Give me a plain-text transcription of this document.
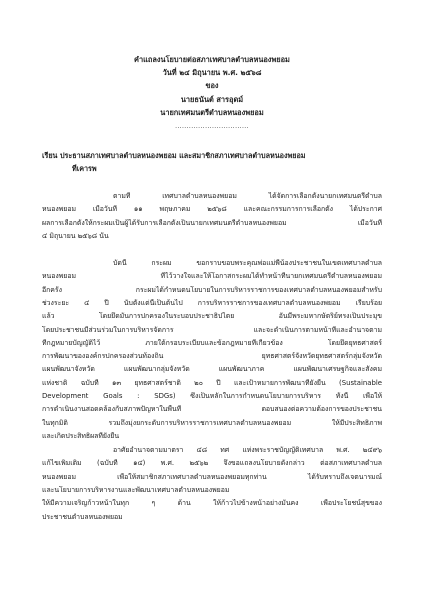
คำแถลงนโยบายต่อสภาเทศบาลตำบลหนองพยอม
วันที่ ๒๔ มิถุนายน พ.ศ. ๒๕๖๘
ของ
นายธนันต์ สารอุดม์
นายกเทศมนตรีตำบลหนองพยอม
................................
เรียน ประธานสภาเทศบาลตำบลหนองพยอม และสมาชิกสภาเทศบาลตำบลหนองพยอม
ที่เคารพ
ตามที่ เทศบาลตำบลหนองพยอม ได้จัดการเลือกตั้งนายกเทศมนตรีตำบล
หนองพยอม เมื่อวันที่ ๑๑ พฤษภาคม ๒๕๖๘ และคณะกรรมการการเลือกตั้ง ได้ประกาศ
ผลการเลือกตั้งให้กระผมเป็นผู้ได้รับการเลือกตั้งเป็นนายกเทศมนตรีตำบลหนองพยอม เมื่อวันที่
๔ มิถุนายน ๒๕๖๘ นั้น
บัดนี้ กระผม ขอกราบขอบพระคุณพ่อแม่พี่น้องประชาชนในเขตเทศบาลตำบล
หนองพยอม ที่ไว้วางใจและให้โอกาสกระผมได้ทำหน้าที่นายกเทศมนตรีตำบลหนองพยอม
อีกครั้ง กระผมได้กำหนดนโยบายในการบริหารราชการของเทศบาลตำบลหนองพยอมสำหรับ
ช่วงระยะ ๔ ปี นับตั้งแต่นี้เป็นต้นไป การบริหารราชการของเทศบาลตำบลหนองพยอม เรียบร้อย
แล้ว โดยยึดมั่นการปกครองในระบอบประชาธิปไตย อันมีพระมหากษัตริย์ทรงเป็นประมุข
โดยประชาชนมีส่วนร่วมในการบริหารจัดการ และจะดำเนินการตามหน้าที่และอำนาจตาม
ที่กฎหมายบัญญัติไว้ ภายใต้กรอบระเบียบและข้อกฎหมายที่เกี่ยวข้อง โดยยึดยุทธศาสตร์
การพัฒนาขององค์กรปกครองส่วนท้องถิ่น ยุทธศาสตร์จังหวัดยุทธศาสตร์กลุ่มจังหวัด
แผนพัฒนาจังหวัด แผนพัฒนากลุ่มจังหวัด แผนพัฒนาภาค แผนพัฒนาเศรษฐกิจและสังคม
แห่งชาติ ฉบับที่ ๑๓ ยุทธศาสตร์ชาติ ๒๐ ปี และเป้าหมายการพัฒนาที่ยั่งยืน (Sustainable
Development Goals : SDGs) ซึ่งเป็นหลักในการกำหนดนโยบายการบริหาร ทั้งนี้ เพื่อให้
การดำเนินงานสอดคล้องกับสภาพปัญหาในพื้นที่ ตอบสนองต่อความต้องการของประชาชน
ในทุกมิติ รวมถึงมุ่งยกระดับการบริหารราชการเทศบาลตำบลหนองพยอม ให้มีประสิทธิภาพ
และเกิดประสิทธิผลที่ยั่งยืน
อาศัยอำนาจตามมาตรา ๔๘ ทศ แห่งพระราชบัญญัติเทศบาล พ.ศ. ๒๔๙๖
แก้ไขเพิ่มเติม (ฉบับที่ ๑๔) พ.ศ. ๒๕๖๒ จึงขอแถลงนโยบายดังกล่าว ต่อสภาเทศบาลตำบล
หนองพยอม เพื่อให้สมาชิกสภาเทศบาลตำบลหนองพยอมทุกท่าน ได้รับทราบถึงเจตนารมณ์
และนโยบายการบริหารงานและพัฒนาเทศบาลตำบลหนองพยอม
ให้มีความเจริญก้าวหน้าในทุก ๆ ด้าน ให้ก้าวไปข้างหน้าอย่างมั่นคง เพื่อประโยชน์สุขของ
ประชาชนตำบลหนองพยอม
